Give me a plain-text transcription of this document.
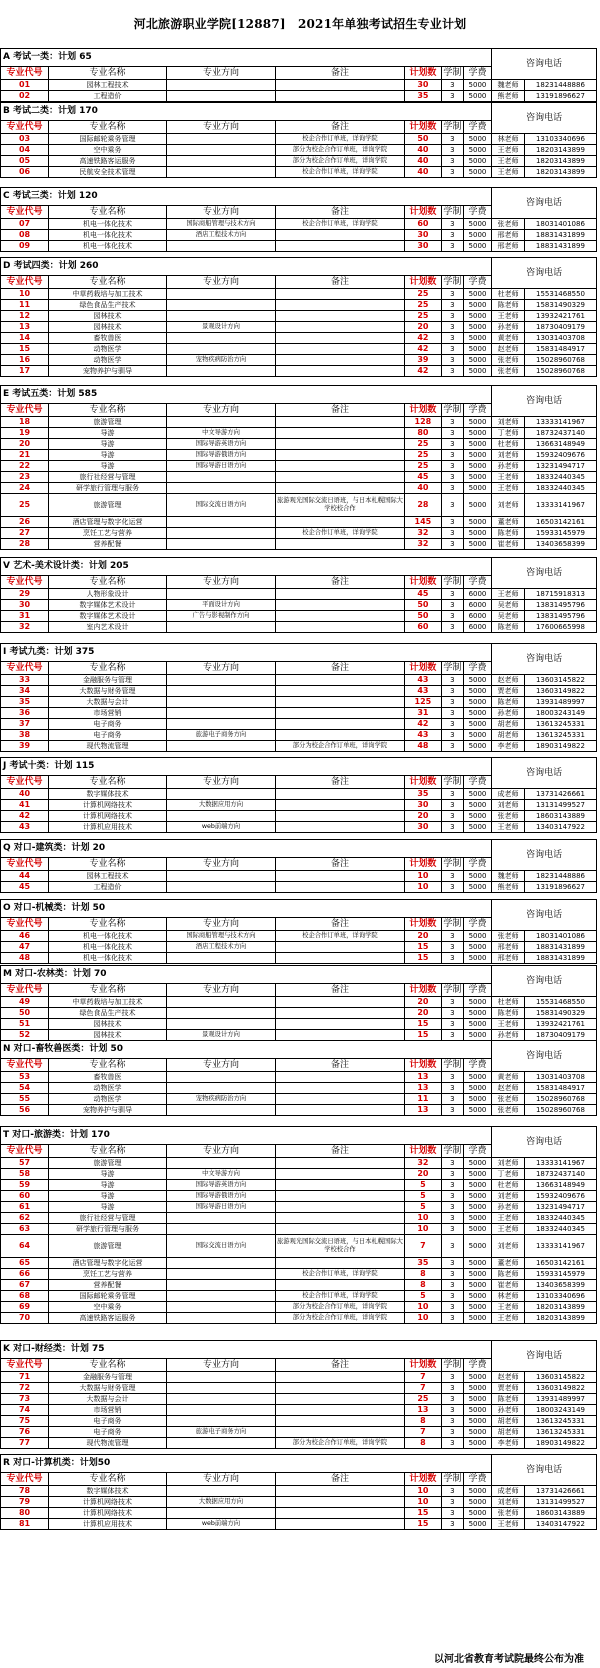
河北旅游职业学院[12887]　2021年单独考试招生专业计划
A 考试一类：计划 65							咨询电话	
专业代号	专业名称	专业方向	备注	计划数	学制	学费		
01	园林工程技术			30	3	5000	魏老师	18231448886
02	工程造价			35	3	5000	熊老师	13191896627
B 考试二类：计划 170							咨询电话	
专业代号	专业名称	专业方向	备注	计划数	学制	学费		
03	国际邮轮乘务管理		校企合作订单班，详询学院	50	3	5000	林老师	13103340696
04	空中乘务		部分为校企合作订单班，详询学院	40	3	5000	王老师	18203143899
05	高速铁路客运服务		部分为校企合作订单班，详询学院	40	3	5000	王老师	18203143899
06	民航安全技术管理		校企合作订单班，详询学院	40	3	5000	王老师	18203143899
C 考试三类：计划 120							咨询电话	
专业代号	专业名称	专业方向	备注	计划数	学制	学费		
07	机电一体化技术	国际商船管理与技术方向	校企合作订单班，详询学院	60	3	5000	张老师	18031401086
08	机电一体化技术	酒店工程技术方向		30	3	5000	邢老师	18831431899
09	机电一体化技术			30	3	5000	邢老师	18831431899
D 考试四类：计划 260							咨询电话	
专业代号	专业名称	专业方向	备注	计划数	学制	学费		
10	中草药栽培与加工技术			25	3	5000	杜老师	15531468550
11	绿色食品生产技术			25	3	5000	陈老师	15831490329
12	园林技术			25	3	5000	王老师	13932421761
13	园林技术	景观设计方向		20	3	5000	孙老师	18730409179
14	畜牧兽医			42	3	5000	黄老师	13031403708
15	动物医学			42	3	5000	赵老师	15831484917
16	动物医学	宠物疾病防治方向		39	3	5000	张老师	15028960768
17	宠物养护与驯导			42	3	5000	张老师	15028960768
E 考试五类：计划 585							咨询电话	
专业代号	专业名称	专业方向	备注	计划数	学制	学费		
18	旅游管理			128	3	5000	刘老师	13333141967
19	导游	中文导游方向		80	3	5000	丁老师	18732437140
20	导游	国际导游英语方向		25	3	5000	杜老师	13663148949
21	导游	国际导游俄语方向		25	3	5000	刘老师	15932409676
22	导游	国际导游日语方向		25	3	5000	孙老师	13231494717
23	旅行社经营与管理			45	3	5000	王老师	18332440345
24	研学旅行管理与服务			40	3	5000	王老师	18332440345
25	旅游管理	国际交流日语方向	旅游观光国际交流日语班，与日本札幌国际大学校校合作	28	3	5000	刘老师	13333141967
26	酒店管理与数字化运营			145	3	5000	董老师	16503142161
27	烹饪工艺与营养		校企合作订单班，详询学院	32	3	5000	陈老师	15933145979
28	营养配餐			32	3	5000	崔老师	13403658399
V 艺术-美术设计类：计划 205							咨询电话	
专业代号	专业名称	专业方向	备注	计划数	学制	学费		
29	人物形象设计			45	3	6000	王老师	18715918313
30	数字媒体艺术设计	平面设计方向		50	3	6000	吴老师	13831495796
31	数字媒体艺术设计	广告与影视制作方向		50	3	6000	吴老师	13831495796
32	室内艺术设计			60	3	6000	陈老师	17600665998
I 考试九类：计划 375							咨询电话	
专业代号	专业名称	专业方向	备注	计划数	学制	学费		
33	金融服务与管理			43	3	5000	赵老师	13603145822
34	大数据与财务管理			43	3	5000	贾老师	13603149822
35	大数据与会计			125	3	5000	陈老师	13931489997
36	市场营销			31	3	5000	孙老师	18003243149
37	电子商务			42	3	5000	胡老师	13613245331
38	电子商务	旅游电子商务方向		43	3	5000	胡老师	13613245331
39	现代物流管理		部分为校企合作订单班，详询学院	48	3	5000	李老师	18903149822
J 考试十类：计划 115							咨询电话	
专业代号	专业名称	专业方向	备注	计划数	学制	学费		
40	数字媒体技术			35	3	5000	成老师	13731426661
41	计算机网络技术	大数据应用方向		30	3	5000	刘老师	13131499527
42	计算机网络技术			20	3	5000	张老师	18603143889
43	计算机应用技术	web前端方向		30	3	5000	王老师	13403147922
Q 对口-建筑类：计划 20							咨询电话	
专业代号	专业名称	专业方向	备注	计划数	学制	学费		
44	园林工程技术			10	3	5000	魏老师	18231448886
45	工程造价			10	3	5000	熊老师	13191896627
O 对口-机械类：计划 50							咨询电话	
专业代号	专业名称	专业方向	备注	计划数	学制	学费		
46	机电一体化技术	国际商船管理与技术方向	校企合作订单班，详询学院	20	3	5000	张老师	18031401086
47	机电一体化技术	酒店工程技术方向		15	3	5000	邢老师	18831431899
48	机电一体化技术			15	3	5000	邢老师	18831431899
M 对口-农林类：计划 70							咨询电话	
专业代号	专业名称	专业方向	备注	计划数	学制	学费		
49	中草药栽培与加工技术			20	3	5000	杜老师	15531468550
50	绿色食品生产技术			20	3	5000	陈老师	15831490329
51	园林技术			15	3	5000	王老师	13932421761
52	园林技术	景观设计方向		15	3	5000	孙老师	18730409179
N 对口-畜牧兽医类：计划 50							咨询电话	
专业代号	专业名称	专业方向	备注	计划数	学制	学费		
53	畜牧兽医			13	3	5000	黄老师	13031403708
54	动物医学			13	3	5000	赵老师	15831484917
55	动物医学	宠物疾病防治方向		11	3	5000	张老师	15028960768
56	宠物养护与驯导			13	3	5000	张老师	15028960768
T 对口-旅游类：计划 170							咨询电话	
专业代号	专业名称	专业方向	备注	计划数	学制	学费		
57	旅游管理			32	3	5000	刘老师	13333141967
58	导游	中文导游方向		20	3	5000	丁老师	18732437140
59	导游	国际导游英语方向		5	3	5000	杜老师	13663148949
60	导游	国际导游俄语方向		5	3	5000	刘老师	15932409676
61	导游	国际导游日语方向		5	3	5000	孙老师	13231494717
62	旅行社经营与管理			10	3	5000	王老师	18332440345
63	研学旅行管理与服务			10	3	5000	王老师	18332440345
64	旅游管理	国际交流日语方向	旅游观光国际交流日语班，与日本札幌国际大学校校合作	7	3	5000	刘老师	13333141967
65	酒店管理与数字化运营			35	3	5000	董老师	16503142161
66	烹饪工艺与营养		校企合作订单班，详询学院	8	3	5000	陈老师	15933145979
67	营养配餐			8	3	5000	崔老师	13403658399
68	国际邮轮乘务管理		校企合作订单班，详询学院	5	3	5000	林老师	13103340696
69	空中乘务		部分为校企合作订单班，详询学院	10	3	5000	王老师	18203143899
70	高速铁路客运服务		部分为校企合作订单班，详询学院	10	3	5000	王老师	18203143899
K 对口-财经类：计划 75							咨询电话	
专业代号	专业名称	专业方向	备注	计划数	学制	学费		
71	金融服务与管理			7	3	5000	赵老师	13603145822
72	大数据与财务管理			7	3	5000	贾老师	13603149822
73	大数据与会计			25	3	5000	陈老师	13931489997
74	市场营销			13	3	5000	孙老师	18003243149
75	电子商务			8	3	5000	胡老师	13613245331
76	电子商务	旅游电子商务方向		7	3	5000	胡老师	13613245331
77	现代物流管理		部分为校企合作订单班，详询学院	8	3	5000	李老师	18903149822
R 对口-计算机类：计划50							咨询电话	
专业代号	专业名称	专业方向	备注	计划数	学制	学费		
78	数字媒体技术			10	3	5000	成老师	13731426661
79	计算机网络技术	大数据应用方向		10	3	5000	刘老师	13131499527
80	计算机网络技术			15	3	5000	张老师	18603143889
81	计算机应用技术	web前端方向		15	3	5000	王老师	13403147922
以河北省教育考试院最终公布为准
